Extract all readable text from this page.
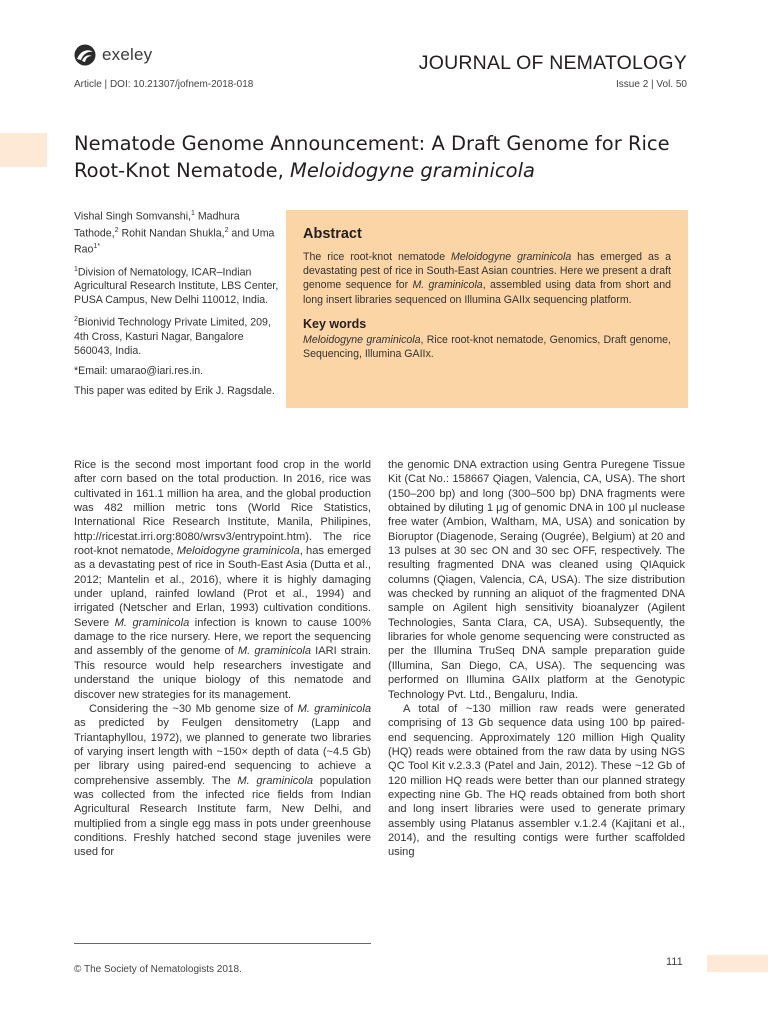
exeley
Article | DOI: 10.21307/jofnem-2018-018
JOURNAL OF NEMATOLOGY
Issue 2 | Vol. 50
Nematode Genome Announcement: A Draft Genome for Rice Root-Knot Nematode, Meloidogyne graminicola

Vishal Singh Somvanshi,$^1$ Madhura Tathode,$^2$ Rohit Nandan Shukla,$^2$ and Uma Rao$^{1*}$

$^1$Division of Nematology, ICAR–Indian Agricultural Research Institute, LBS Center, PUSA Campus, New Delhi 110012, India.

$^2$Bionivid Technology Private Limited, 209, 4th Cross, Kasturi Nagar, Bangalore 560043, India.

*Email: umarao@iari.res.in.

This paper was edited by Erik J. Ragsdale.

Abstract

The rice root-knot nematode Meloidogyne graminicola has emerged as a devastating pest of rice in South-East Asian countries. Here we present a draft genome sequence for M. graminicola, assembled using data from short and long insert libraries sequenced on Illumina GAIIx sequencing platform.

Key words

Meloidogyne graminicola, Rice root-knot nematode, Genomics, Draft genome, Sequencing, Illumina GAIIx.

Rice is the second most important food crop in the world after corn based on the total production. In 2016, rice was cultivated in 161.1 million ha area, and the global production was 482 million metric tons (World Rice Statistics, International Rice Research Institute, Manila, Philipines, http://ricestat.irri.org:8080/wrsv3/entrypoint.htm). The rice root-knot nematode, Meloidogyne graminicola, has emerged as a devastating pest of rice in South-East Asia (Dutta et al., 2012; Mantelin et al., 2016), where it is highly damaging under upland, rainfed lowland (Prot et al., 1994) and irrigated (Netscher and Erlan, 1993) cultivation conditions. Severe M. graminicola infection is known to cause 100% damage to the rice nursery. Here, we report the sequencing and assembly of the genome of M. graminicola IARI strain. This resource would help researchers investigate and understand the unique biology of this nematode and discover new strategies for its management.

Considering the ~30 Mb genome size of M. graminicola as predicted by Feulgen densitometry (Lapp and Triantaphyllou, 1972), we planned to generate two libraries of varying insert length with ~150× depth of data (~4.5 Gb) per library using paired-end sequencing to achieve a comprehensive assembly. The M. graminicola population was collected from the infected rice fields from Indian Agricultural Research Institute farm, New Delhi, and multiplied from a single egg mass in pots under greenhouse conditions. Freshly hatched second stage juveniles were used for

the genomic DNA extraction using Gentra Puregene Tissue Kit (Cat No.: 158667 Qiagen, Valencia, CA, USA). The short (150–200 bp) and long (300–500 bp) DNA fragments were obtained by diluting 1 μg of genomic DNA in 100 μl nuclease free water (Ambion, Waltham, MA, USA) and sonication by Bioruptor (Diagenode, Seraing (Ougrée), Belgium) at 20 and 13 pulses at 30 sec ON and 30 sec OFF, respectively. The resulting fragmented DNA was cleaned using QIAquick columns (Qiagen, Valencia, CA, USA). The size distribution was checked by running an aliquot of the fragmented DNA sample on Agilent high sensitivity bioanalyzer (Agilent Technologies, Santa Clara, CA, USA). Subsequently, the libraries for whole genome sequencing were constructed as per the Illumina TruSeq DNA sample preparation guide (Illumina, San Diego, CA, USA). The sequencing was performed on Illumina GAIIx platform at the Genotypic Technology Pvt. Ltd., Bengaluru, India.

A total of ~130 million raw reads were generated comprising of 13 Gb sequence data using 100 bp paired-end sequencing. Approximately 120 million High Quality (HQ) reads were obtained from the raw data by using NGS QC Tool Kit v.2.3.3 (Patel and Jain, 2012). These ~12 Gb of 120 million HQ reads were better than our planned strategy expecting nine Gb. The HQ reads obtained from both short and long insert libraries were used to generate primary assembly using Platanus assembler v.1.2.4 (Kajitani et al., 2014), and the resulting contigs were further scaffolded using

© The Society of Nematologists 2018.
111
